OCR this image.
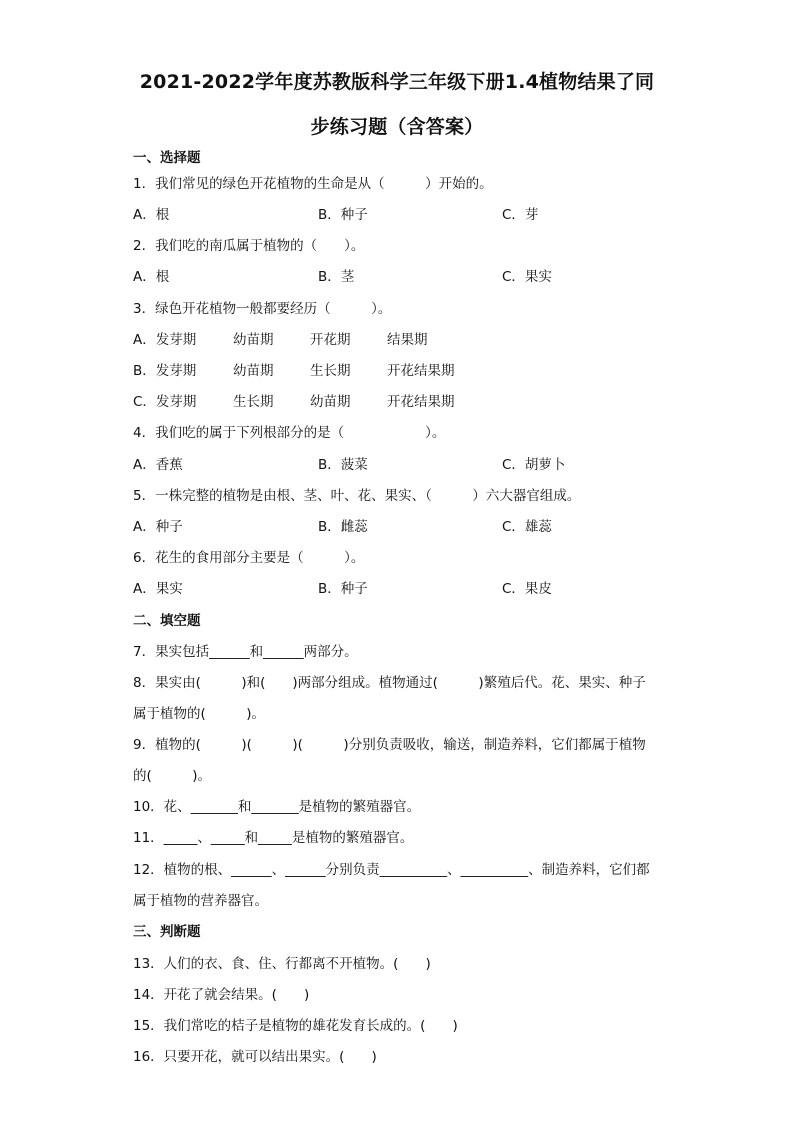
2021-2022学年度苏教版科学三年级下册1.4植物结果了同
步练习题（含答案）
一、选择题
1．我们常见的绿色开花植物的生命是从（　　　）开始的。
A．根	B．种子	C．芽
2．我们吃的南瓜属于植物的（　　）。
A．根	B．茎	C．果实
3．绿色开花植物一般都要经历（　　　）。
A．发芽期	幼苗期	开花期	结果期
B．发芽期	幼苗期	生长期	开花结果期
C．发芽期	生长期	幼苗期	开花结果期
4．我们吃的属于下列根部分的是（　　　　　　）。
A．香蕉	B．菠菜	C．胡萝卜
5．一株完整的植物是由根、茎、叶、花、果实、（　　　）六大器官组成。
A．种子	B．雌蕊	C．雄蕊
6．花生的食用部分主要是（　　　）。
A．果实	B．种子	C．果皮
二、填空题
7．果实包括______和______两部分。
8．果实由(　　　)和(　　)两部分组成。植物通过(　　　)繁殖后代。花、果实、种子
属于植物的(　　　)。
9．植物的(　　　)(　　　)(　　　)分别负责吸收，输送，制造养料，它们都属于植物
的(　　　)。
10．花、_______和_______是植物的繁殖器官。
11．_____、_____和_____是植物的繁殖器官。
12．植物的根、______、______分别负责__________、__________、制造养料，它们都
属于植物的营养器官。
三、判断题
13．人们的衣、食、住、行都离不开植物。(　　)
14．开花了就会结果。(　　)
15．我们常吃的桔子是植物的雄花发育长成的。(　　)
16．只要开花，就可以结出果实。(　　)
